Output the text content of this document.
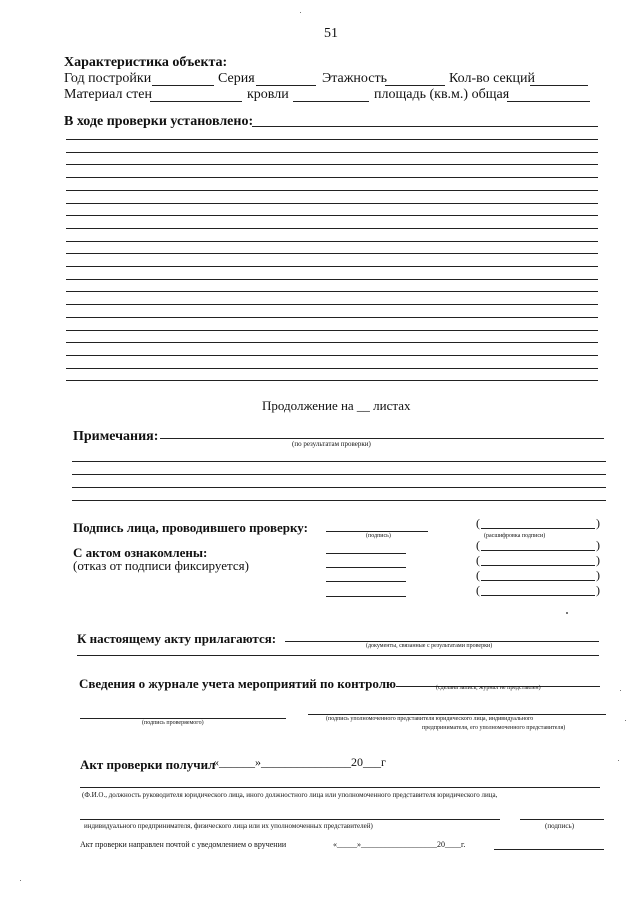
51
Характеристика объекта:
Год постройки	Серия	Этажность	Кол-во секций
Материал стен	кровли	площадь (кв.м.) общая
В ходе проверки установлено:
Продолжение на __ листах
Примечания:	(по результатам проверки)
Подпись лица, проводившего проверку:
(подпись)
(	)
(расшифровка подписи)
С актом ознакомлены:
(отказ от подписи фиксируется)
(	)
(	)
(	)
(	)
К настоящему акту прилагаются:	(документы, связанные с результатами проверки)
Сведения о журнале учета мероприятий по контролю	(сделана запись, журнал не представлен)
(подпись проверяемого)
(подпись уполномоченного представителя юридического лица, индивидуального
предпринимателя, его уполномоченного представителя)
Акт проверки получил
«______»_______________20___г
(Ф.И.О., должность руководителя юридического лица, иного должностного лица или уполномоченного представителя юридического лица,
индивидуального предпринимателя, физического лица или их уполномоченных представителей)	(подпись)
Акт проверки направлен почтой с уведомлением о вручении	«_____»___________________20____г.
